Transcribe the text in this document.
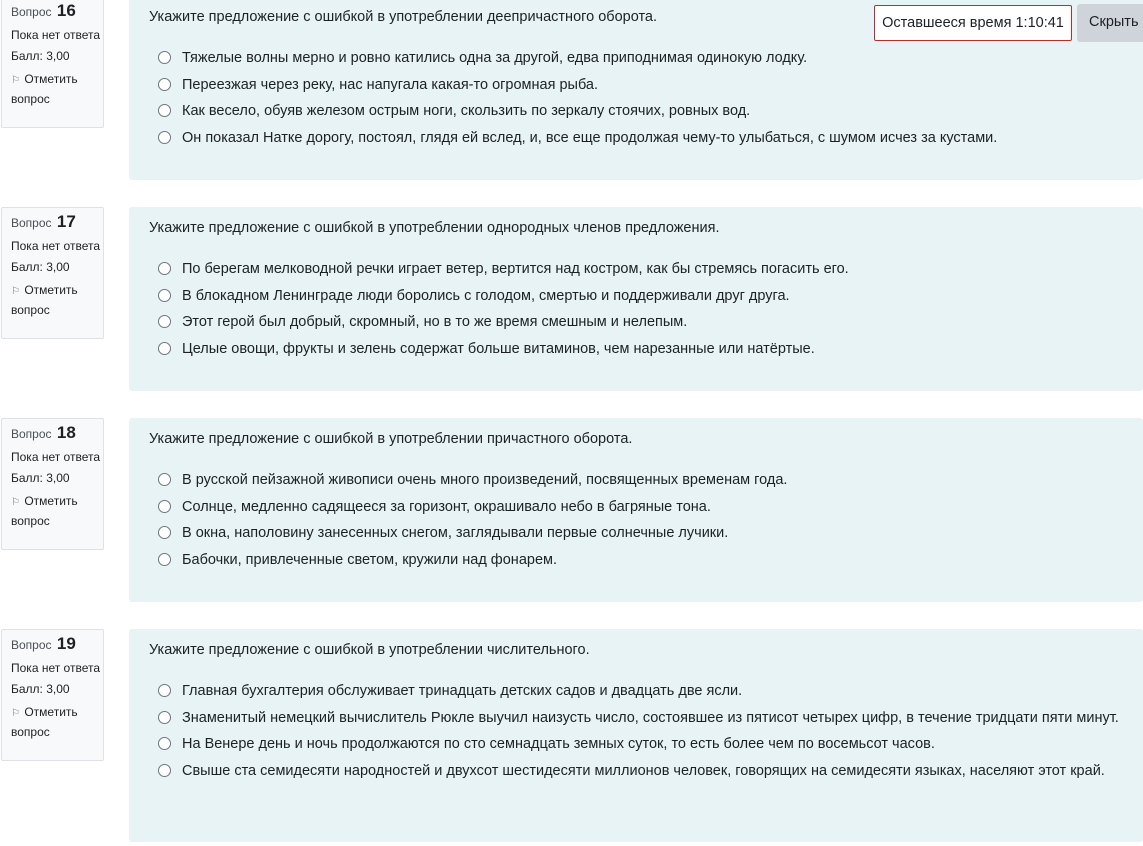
Вопрос 16
Пока нет ответа
Балл: 3,00
⚐ Отметить
вопрос

Укажите предложение с ошибкой в употреблении деепричастного оборота.

Тяжелые волны мерно и ровно катились одна за другой, едва приподнимая одинокую лодку.
Переезжая через реку, нас напугала какая-то огромная рыба.
Как весело, обуяв железом острым ноги, скользить по зеркалу стоячих, ровных вод.
Он показал Натке дорогу, постоял, глядя ей вслед, и, все еще продолжая чему-то улыбаться, с шумом исчез за кустами.
Оставшееся время 1:10:41	Скрыть
Вопрос 17
Пока нет ответа
Балл: 3,00
⚐ Отметить
вопрос

Укажите предложение с ошибкой в употреблении однородных членов предложения.

По берегам мелководной речки играет ветер, вертится над костром, как бы стремясь погасить его.
В блокадном Ленинграде люди боролись с голодом, смертью и поддерживали друг друга.
Этот герой был добрый, скромный, но в то же время смешным и нелепым.
Целые овощи, фрукты и зелень содержат больше витаминов, чем нарезанные или натёртые.
Вопрос 18
Пока нет ответа
Балл: 3,00
⚐ Отметить
вопрос

Укажите предложение с ошибкой в употреблении причастного оборота.

В русской пейзажной живописи очень много произведений, посвященных временам года.
Солнце, медленно садящееся за горизонт, окрашивало небо в багряные тона.
В окна, наполовину занесенных снегом, заглядывали первые солнечные лучики.
Бабочки, привлеченные светом, кружили над фонарем.
Вопрос 19
Пока нет ответа
Балл: 3,00
⚐ Отметить
вопрос

Укажите предложение с ошибкой в употреблении числительного.

Главная бухгалтерия обслуживает тринадцать детских садов и двадцать две ясли.
Знаменитый немецкий вычислитель Рюкле выучил наизусть число, состоявшее из пятисот четырех цифр, в течение тридцати пяти минут.
На Венере день и ночь продолжаются по сто семнадцать земных суток, то есть более чем по восемьсот часов.
Свыше ста семидесяти народностей и двухсот шестидесяти миллионов человек, говорящих на семидесяти языках, населяют этот край.
